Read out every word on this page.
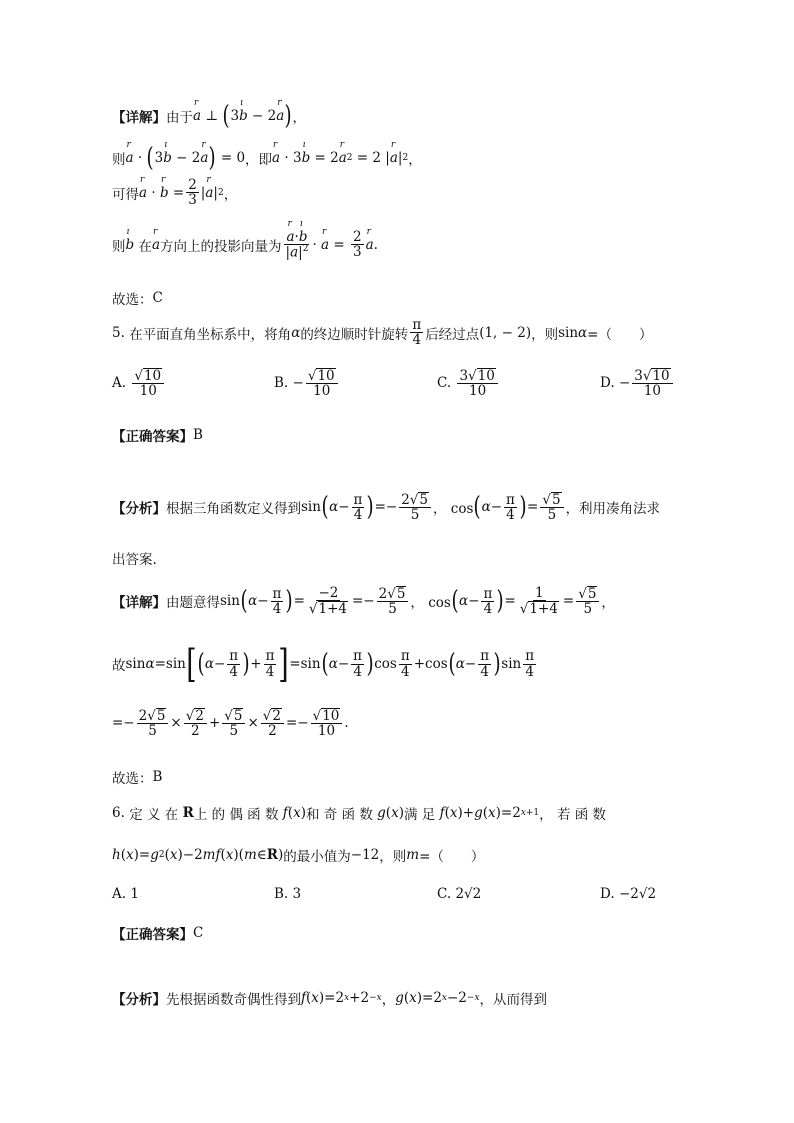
【详解】 由于
r a ⊥ ( 3
ı b − 2
r a ) ，
则
r a · ( 3
ı b − 2
r a ) = 0 ，即
r a · 3
ı b = 2
r a 2 = 2 |
r a | 2 ，
可得
r a ·
r $b = \frac{2}{3}$ |
r a | 2 ，
则
ı b
在
r a 方向上的投影向量为
r $\frac{\text{a·ı b}}{|a|^2}$ ·
r $a = \frac{2}{3}$
r a .
故选： C
5.
在平面直角坐标系中，将角 α 的终边顺时针旋转 $\frac{\pi}{4}$ 后经过点 (1, − 2) ，则 sin α =（　　）
A.
$\frac{√ 10}{10}$	B.
− $\frac{√ 10}{10}$	C.
$\frac{3√ 10}{10}$	D.
− $\frac{3√ 10}{10}$
【正确答案】 B
【分析】 根据三角函数定义得到 sin ( $\alpha - \frac{\pi}{4}$ ) =− $\frac{2√ 5}{5}$ ， cos ( $\alpha - \frac{\pi}{4}$ ) = $\frac{√ 5}{5}$ ，利用凑角法求
出答案.
【详解】 由题意得 sin ( $\alpha - \frac{\pi}{4}$ ) = $\frac{-2}{√ 1+4} =- \frac{2√ 5}{5}$ ， cos ( $\alpha - \frac{\pi}{4}$ ) = $\frac{1}{√ 1+4} = \frac{√ 5}{5}$ ，
故 sin α =sin [ ( $\alpha - \frac{\pi}{4}$ ) + $\frac{\pi}{4}$ ] =sin ( $\alpha - \frac{\pi}{4}$ ) $\cos \frac{\pi}{4} +\cos$ ( $\alpha - \frac{\pi}{4}$ ) $\sin \frac{\pi}{4}$
=− $\frac{2√ 5}{5} \times \frac{√ 2}{2} + \frac{√ 5}{5} \times \frac{√ 2}{2} =- \frac{√ 10}{10}$ .
故选： B
6.
定 义 在
R 上 的 偶 函 数
f ( x ) 和 奇 函 数
g ( x ) 满 足
f ( x )+ g ( x )=2 x+1 ， 若 函 数
h ( x )= g 2 ( x )−2 mf ( x )( m ∈ R ) 的最小值为 −12 ，则 m =（　　）
A.
1	B.
3	C.
2√2	D.
−2√2
【正确答案】 C
【分析】 先根据函数奇偶性得到 f ( x )=2 x +2 −x ， g ( x )=2 x −2 −x ，从而得到
